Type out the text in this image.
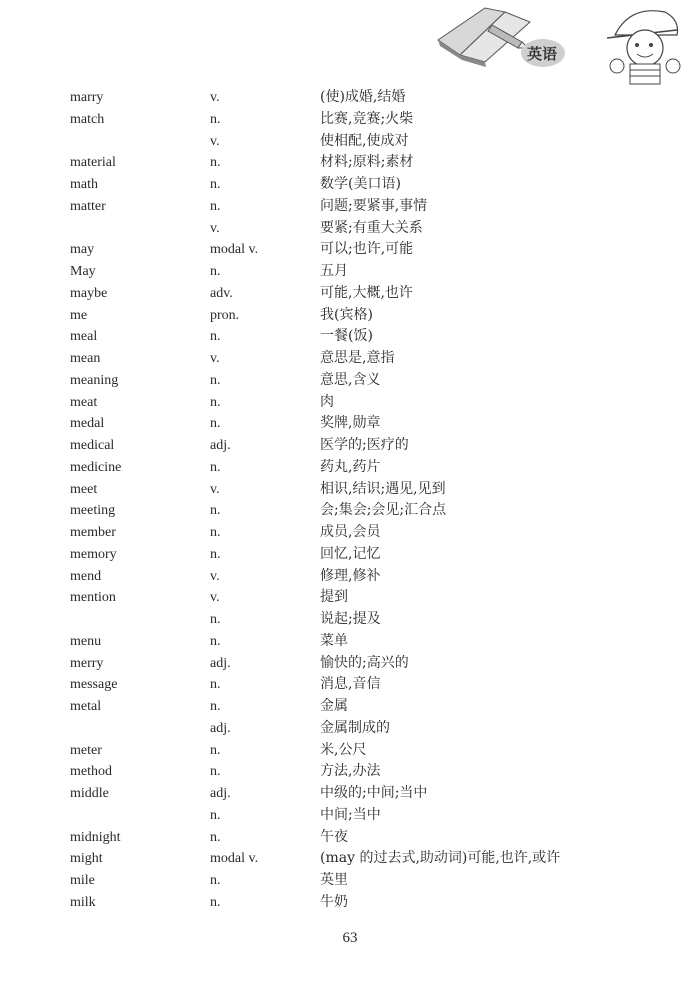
英语
marry	v.	(使)成婚,结婚
match	n.	比赛,竞赛;火柴
v.	使相配,使成对
material	n.	材料;原料;素材
math	n.	数学(美口语)
matter	n.	问题;要紧事,事情
v.	要紧;有重大关系
may	modal v.	可以;也许,可能
May	n.	五月
maybe	adv.	可能,大概,也许
me	pron.	我(宾格)
meal	n.	一餐(饭)
mean	v.	意思是,意指
meaning	n.	意思,含义
meat	n.	肉
medal	n.	奖牌,勋章
medical	adj.	医学的;医疗的
medicine	n.	药丸,药片
meet	v.	相识,结识;遇见,见到
meeting	n.	会;集会;会见;汇合点
member	n.	成员,会员
memory	n.	回忆,记忆
mend	v.	修理,修补
mention	v.	提到
n.	说起;提及
menu	n.	菜单
merry	adj.	愉快的;高兴的
message	n.	消息,音信
metal	n.	金属
adj.	金属制成的
meter	n.	米,公尺
method	n.	方法,办法
middle	adj.	中级的;中间;当中
n.	中间;当中
midnight	n.	午夜
might	modal v.	(may 的过去式,助动词)可能,也许,或许
mile	n.	英里
milk	n.	牛奶
63
